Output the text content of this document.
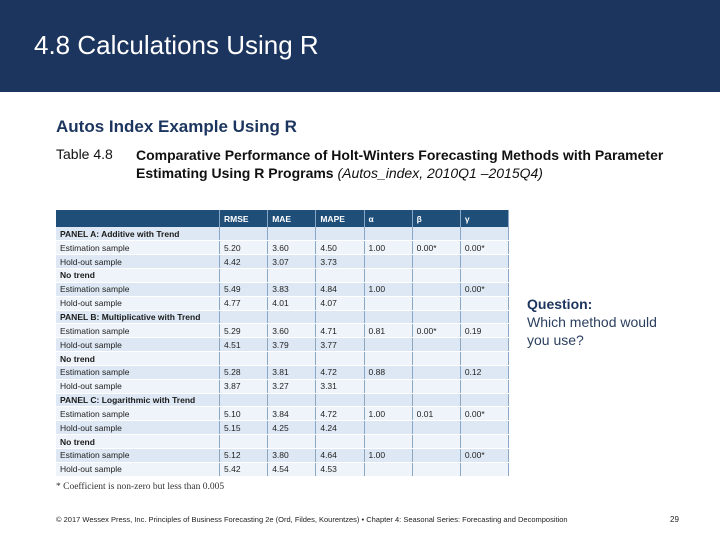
4.8 Calculations Using R
Autos Index Example Using R
Table 4.8 Comparative Performance of Holt-Winters Forecasting Methods with Parameter Estimating Using R Programs (Autos_index, 2010Q1 –2015Q4)
	RMSE	MAE	MAPE	α	β	γ
PANEL A: Additive with Trend						
Estimation sample	5.20	3.60	4.50	1.00	0.00*	0.00*
Hold-out sample	4.42	3.07	3.73			
No trend						
Estimation sample	5.49	3.83	4.84	1.00		0.00*
Hold-out sample	4.77	4.01	4.07			
PANEL B: Multiplicative with Trend						
Estimation sample	5.29	3.60	4.71	0.81	0.00*	0.19
Hold-out sample	4.51	3.79	3.77			
No trend						
Estimation sample	5.28	3.81	4.72	0.88		0.12
Hold-out sample	3.87	3.27	3.31			
PANEL C: Logarithmic with Trend						
Estimation sample	5.10	3.84	4.72	1.00	0.01	0.00*
Hold-out sample	5.15	4.25	4.24			
No trend						
Estimation sample	5.12	3.80	4.64	1.00		0.00*
Hold-out sample	5.42	4.54	4.53			
* Coefficient is non-zero but less than 0.005
Question:
Which method would you use?
© 2017 Wessex Press, Inc. Principles of Business Forecasting 2e (Ord, Fildes, Kourentzes) • Chapter 4: Seasonal Series: Forecasting and Decomposition	29
